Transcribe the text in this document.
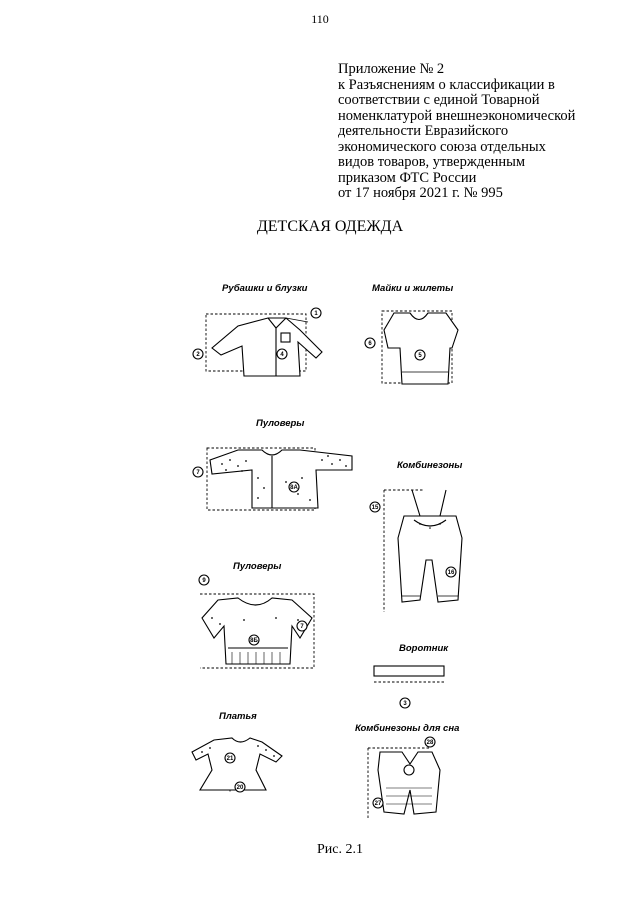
110
Приложение № 2
к Разъяснениям о классификации в
соответствии с единой Товарной
номенклатурой внешнеэкономической
деятельности Евразийского
экономического союза отдельных
видов товаров, утвержденным
приказом ФТС России
от 17 ноября 2021 г. № 995
ДЕТСКАЯ ОДЕЖДА
Рубашки и блузки	Майки и жилеты
Пуловеры
Комбинезоны
Пуловеры
Воротник
Платья
Комбинезоны для сна
1
2	4
6
5
7
8A
15
16
9
7
8Б
3
21
20
28
27
Рис. 2.1
